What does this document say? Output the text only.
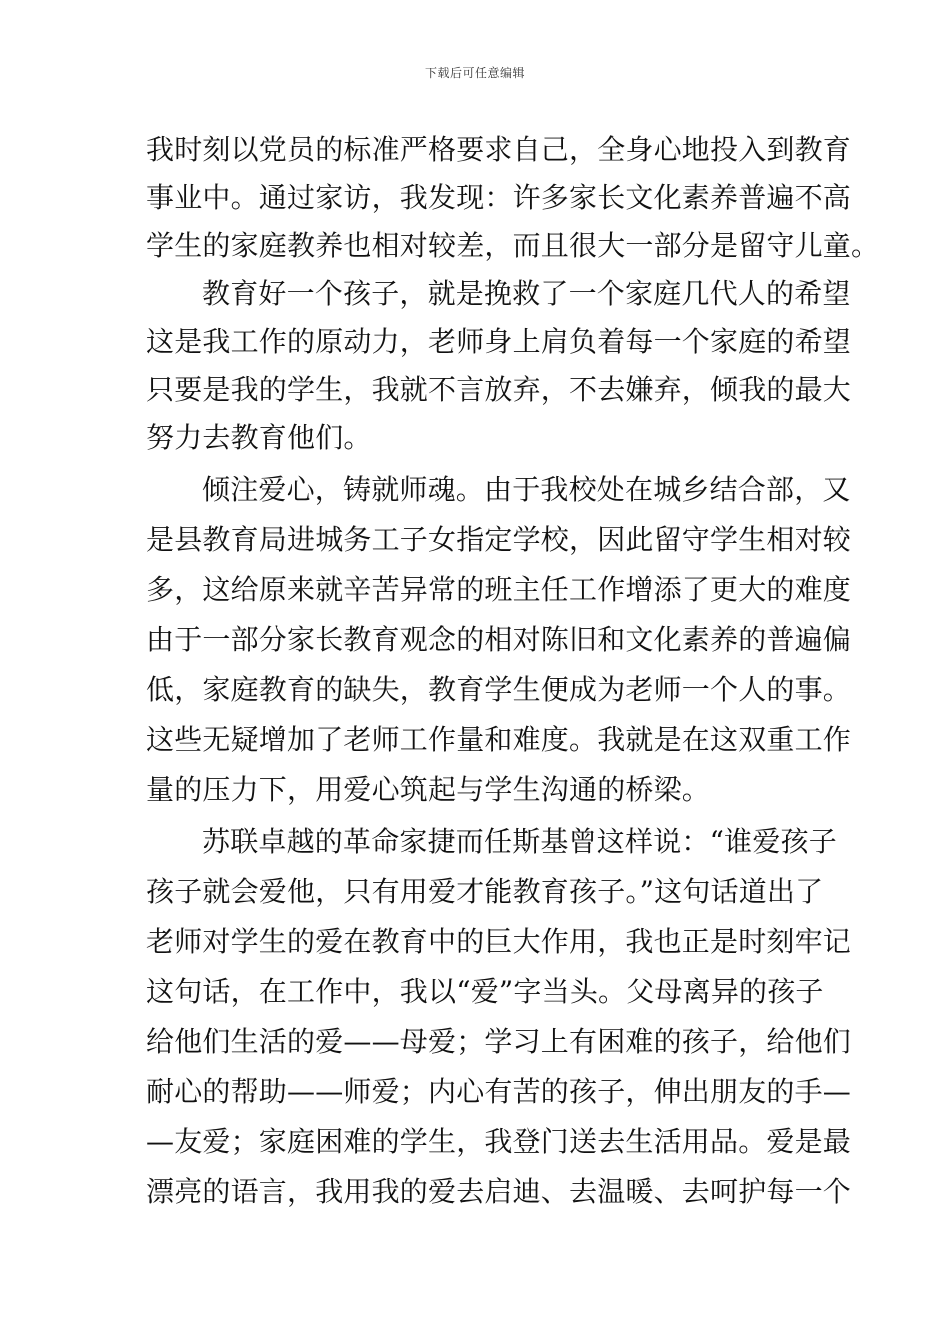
下载后可任意编辑
我时刻以党员的标准严格要求自己，全身心地投入到教育
事业中。通过家访，我发现：许多家长文化素养普遍不高
学生的家庭教养也相对较差，而且很大一部分是留守儿童。
教育好一个孩子，就是挽救了一个家庭几代人的希望
这是我工作的原动力，老师身上肩负着每一个家庭的希望
只要是我的学生，我就不言放弃，不去嫌弃，倾我的最大
努力去教育他们。
倾注爱心，铸就师魂。由于我校处在城乡结合部，又
是县教育局进城务工子女指定学校，因此留守学生相对较
多，这给原来就辛苦异常的班主任工作增添了更大的难度
由于一部分家长教育观念的相对陈旧和文化素养的普遍偏
低，家庭教育的缺失，教育学生便成为老师一个人的事。
这些无疑增加了老师工作量和难度。我就是在这双重工作
量的压力下，用爱心筑起与学生沟通的桥梁。
苏联卓越的革命家捷而任斯基曾这样说：“谁爱孩子
孩子就会爱他，只有用爱才能教育孩子。”这句话道出了
老师对学生的爱在教育中的巨大作用，我也正是时刻牢记
这句话，在工作中，我以“爱”字当头。父母离异的孩子
给他们生活的爱——母爱；学习上有困难的孩子，给他们
耐心的帮助——师爱；内心有苦的孩子，伸出朋友的手—
—友爱；家庭困难的学生，我登门送去生活用品。爱是最
漂亮的语言，我用我的爱去启迪、去温暖、去呵护每一个
